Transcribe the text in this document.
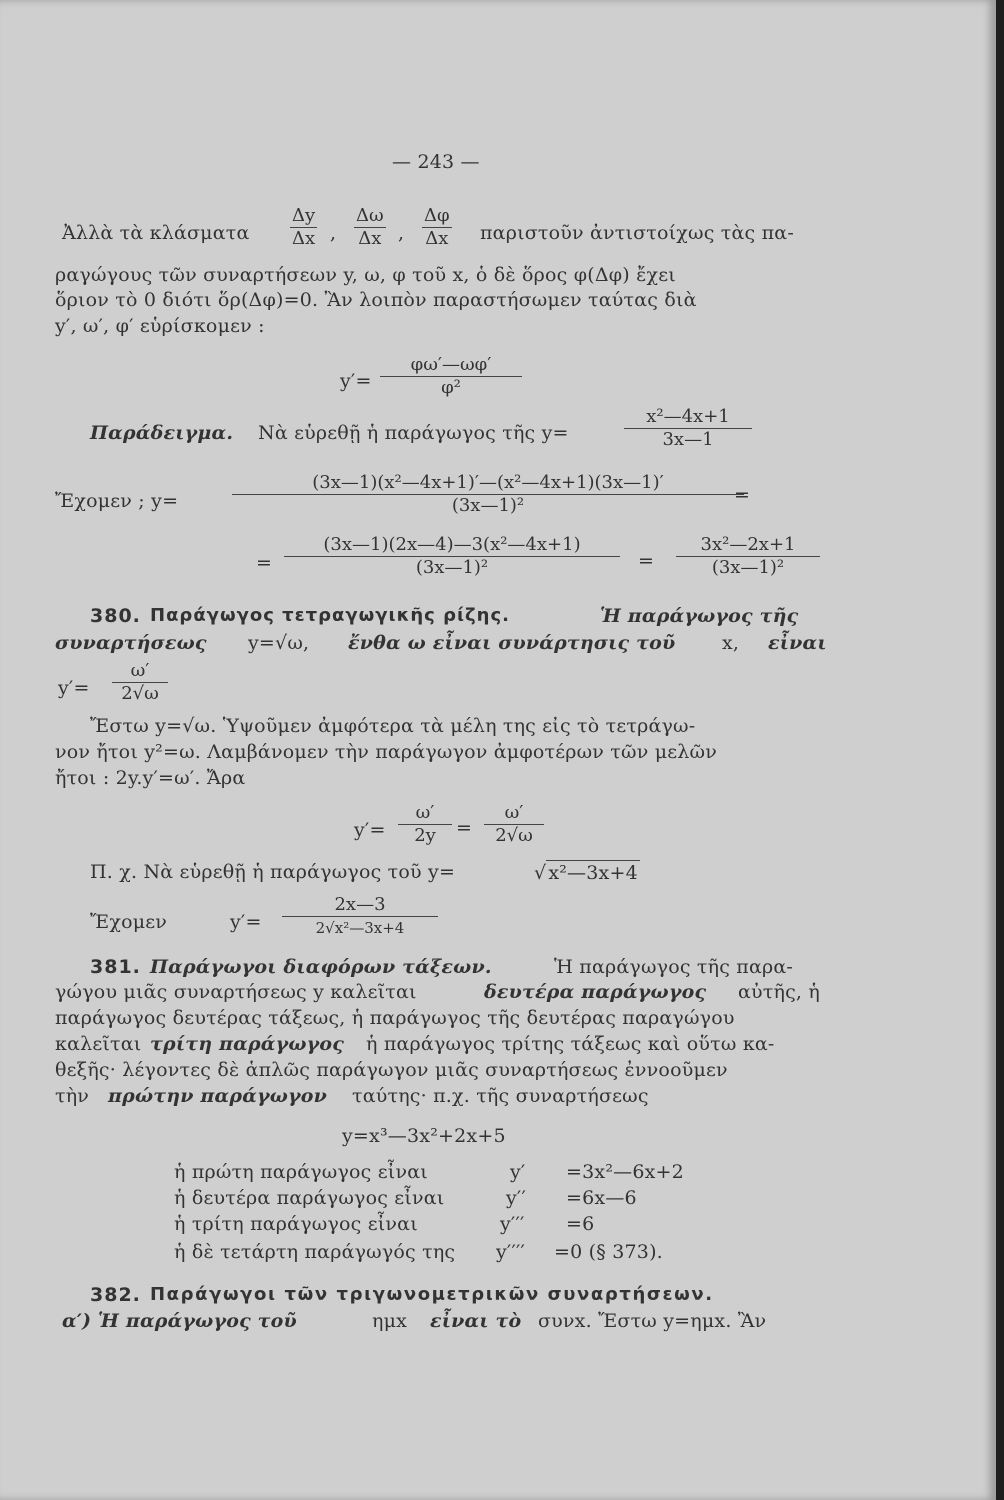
— 243 —
Ἀλλὰ τὰ κλάσματα $\frac{\Delta y}{\Delta x}$ , $\frac{\Delta\omega}{\Delta x}$ , $\frac{\Delta\varphi}{\Delta x}$ παριστοῦν ἀντιστοίχως τὰς πα-
ραγώγους τῶν συναρτήσεων y, ω, φ τοῦ x, ὁ δὲ ὅρος φ(Δφ) ἔχει
ὅριον τὸ 0 διότι ὅρ(Δφ)=0. Ἂν λοιπὸν παραστήσωμεν ταύτας διὰ
y′, ω′, φ′ εὑρίσκομεν :
$y'= \frac{\varphi\omega'—\omega\varphi'}{\text{φ²}}$
Παράδειγμα. Νὰ εὑρεθῇ ἡ παράγωγος τῆς y=	$\frac{\text{x²—4x+1}}{3x—1}$
Ἔχομεν ; y=	$\frac{\text{(3x—1)(x²—4x+1)′—(x²—4x+1)(3x—1)′}}{\text{(3x—1)²}}$
=
= $\frac{\text{(3x—1)(2x—4)—3(x²—4x+1)}}{\text{(3x—1)²}} = \frac{\text{3x²—2x+1}}{\text{(3x—1)²}}$
380. Παράγωγος τετραγωγικῆς ρίζης.	Ἡ παράγωγος τῆς
συναρτήσεως y=√ω, ἔνθα ω εἶναι συνάρτησις τοῦ x, εἶναι
$y'= \frac{\omega'}{2√\omega}$
Ἔστω y=√ω. Ὑψοῦμεν ἀμφότερα τὰ μέλη της εἰς τὸ τετράγω-
νον ἤτοι y²=ω. Λαμβάνομεν τὴν παράγωγον ἀμφοτέρων τῶν μελῶν
ἤτοι : 2y.y′=ω′. Ἄρα
$y'= \frac{\omega'}{2y} = \frac{\omega'}{2√\omega}$
Π. χ. Νὰ εὑρεθῇ ἡ παράγωγος τοῦ y=	√ x²—3x+4
Ἔχομεν	y′=
2x—3
2√x²—3x+4
381. Παράγωγοι διαφόρων τάξεων.	Ἡ παράγωγος τῆς παρα-
γώγου μιᾶς συναρτήσεως y καλεῖται	δευτέρα παράγωγος αὐτῆς, ἡ
παράγωγος δευτέρας τάξεως, ἡ παράγωγος τῆς δευτέρας παραγώγου
καλεῖται τρίτη παράγωγος ἡ παράγωγος τρίτης τάξεως καὶ οὕτω κα-
θεξῆς· λέγοντες δὲ ἁπλῶς παράγωγον μιᾶς συναρτήσεως ἐννοοῦμεν
τὴν πρώτην παράγωγον ταύτης· π.χ. τῆς συναρτήσεως
y=x³—3x²+2x+5
ἡ πρώτη παράγωγος εἶναι	y′ =3x²—6x+2
ἡ δευτέρα παράγωγος εἶναι	y′′ =6x—6
ἡ τρίτη παράγωγος εἶναι	y′′′ =6
ἡ δὲ τετάρτη παράγωγός της y′′′′ =0 (§ 373).
382. Παράγωγοι τῶν τριγωνομετρικῶν συναρτήσεων.
α′) Ἡ παράγωγος τοῦ	ημx εἶναι τὸ συνx. Ἔστω y=ημx. Ἂν
